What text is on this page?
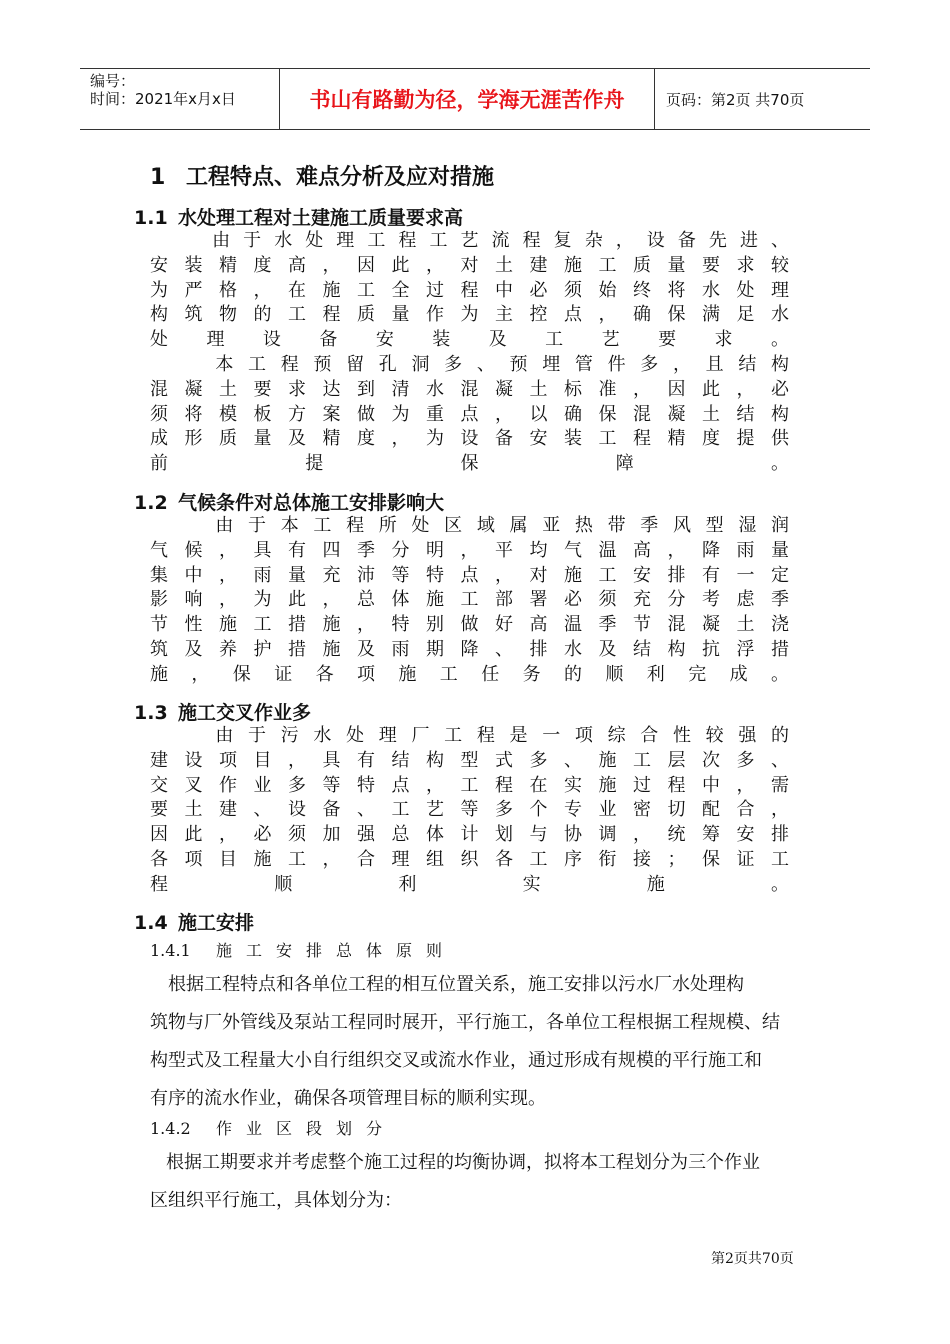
编号：
时间：2021年x月x日	书山有路勤为径，学海无涯苦作舟	页码：第2页 共70页
1 工程特点、难点分析及应对措施
1.1 水处理工程对土建施工质量要求高
　　由于水处理工程工艺流程复杂，设备先进、
安装精度高，因此，对土建施工质量要求较
为严格，在施工全过程中必须始终将水处理
构筑物的工程质量作为主控点，确保满足水
处理设备安装及工艺要求。
　　本工程预留孔洞多、预埋管件多，且结构
混凝土要求达到清水混凝土标准，因此，必
须将模板方案做为重点，以确保混凝土结构
成形质量及精度，为设备安装工程精度提供
前提保障。
1.2 气候条件对总体施工安排影响大
　　由于本工程所处区域属亚热带季风型湿润
气候，具有四季分明，平均气温高，降雨量
集中，雨量充沛等特点，对施工安排有一定
影响，为此，总体施工部署必须充分考虑季
节性施工措施，特别做好高温季节混凝土浇
筑及养护措施及雨期降、排水及结构抗浮措
施，保证各项施工任务的顺利完成。
1.3 施工交叉作业多
　　由于污水处理厂工程是一项综合性较强的
建设项目，具有结构型式多、施工层次多、
交叉作业多等特点，工程在实施过程中，需
要土建、设备、工艺等多个专业密切配合，
因此，必须加强总体计划与协调，统筹安排
各项目施工，合理组织各工序衔接；保证工
程顺利实施。
1.4 施工安排
1.4.1 施工安排总体原则
　根据工程特点和各单位工程的相互位置关系，施工安排以污水厂水处理构
筑物与厂外管线及泵站工程同时展开，平行施工，各单位工程根据工程规模、结
构型式及工程量大小自行组织交叉或流水作业，通过形成有规模的平行施工和
有序的流水作业，确保各项管理目标的顺利实现。
1.4.2 作业区段划分
根据工期要求并考虑整个施工过程的均衡协调，拟将本工程划分为三个作业
区组织平行施工，具体划分为：
第2页共70页
